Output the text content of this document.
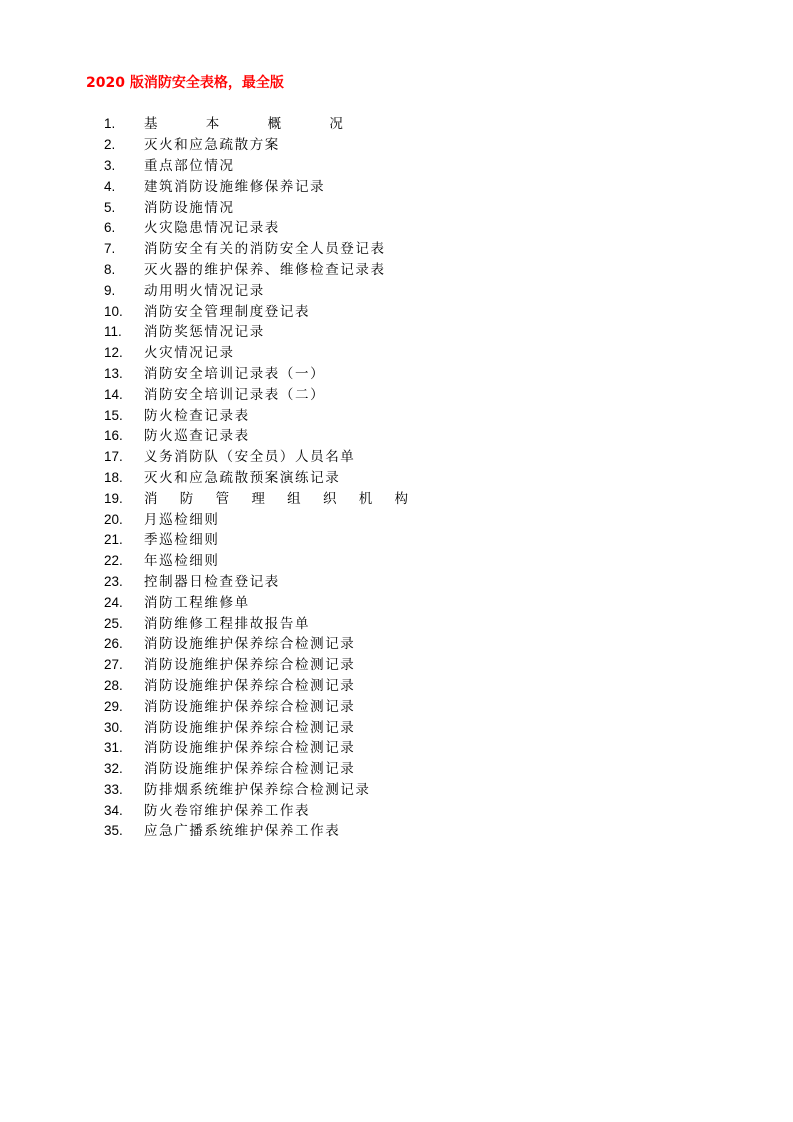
2020 版消防安全表格，最全版
1.	基 本 概 况
2.	灭火和应急疏散方案
3.	重点部位情况
4.	建筑消防设施维修保养记录
5.	消防设施情况
6.	火灾隐患情况记录表
7.	消防安全有关的消防安全人员登记表
8.	灭火器的维护保养、维修检查记录表
9.	动用明火情况记录
10.	消防安全管理制度登记表
11.	消防奖惩情况记录
12.	火灾情况记录
13.	消防安全培训记录表（一）
14.	消防安全培训记录表（二）
15.	防火检查记录表
16.	防火巡查记录表
17.	义务消防队（安全员）人员名单
18.	灭火和应急疏散预案演练记录
19.	消 防 管 理 组 织 机 构
20.	月巡检细则
21.	季巡检细则
22.	年巡检细则
23.	控制器日检查登记表
24.	消防工程维修单
25.	消防维修工程排故报告单
26.	消防设施维护保养综合检测记录
27.	消防设施维护保养综合检测记录
28.	消防设施维护保养综合检测记录
29.	消防设施维护保养综合检测记录
30.	消防设施维护保养综合检测记录
31.	消防设施维护保养综合检测记录
32.	消防设施维护保养综合检测记录
33.	防排烟系统维护保养综合检测记录
34.	防火卷帘维护保养工作表
35.	应急广播系统维护保养工作表
